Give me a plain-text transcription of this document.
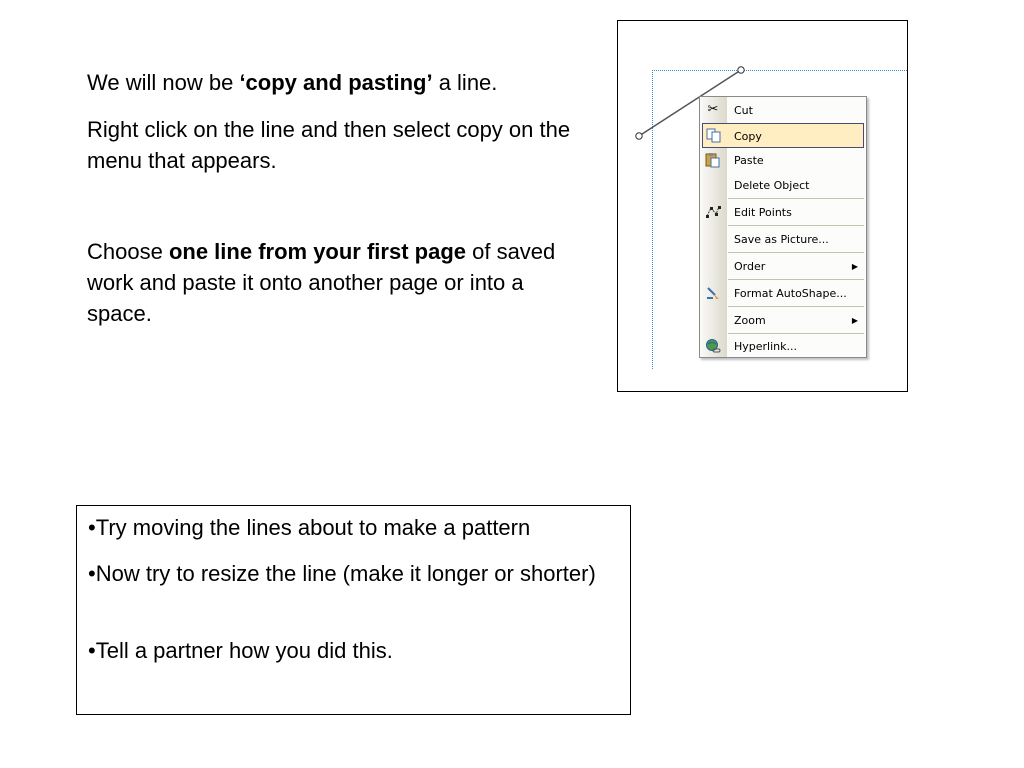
We will now be ‘copy and pasting’ a line.

Right click on the line and then select copy on the menu that appears.

Choose one line from your first page of saved work and paste it onto another page or into a space.

•Try moving the lines about to make a pattern

•Now try to resize the line (make it longer or shorter)

•Tell a partner how you did this.

✂ Cut
Copy
Paste
Delete Object
Edit Points
Save as Picture...
Order	▶
Format AutoShape...
Zoom	▶
Hyperlink...
